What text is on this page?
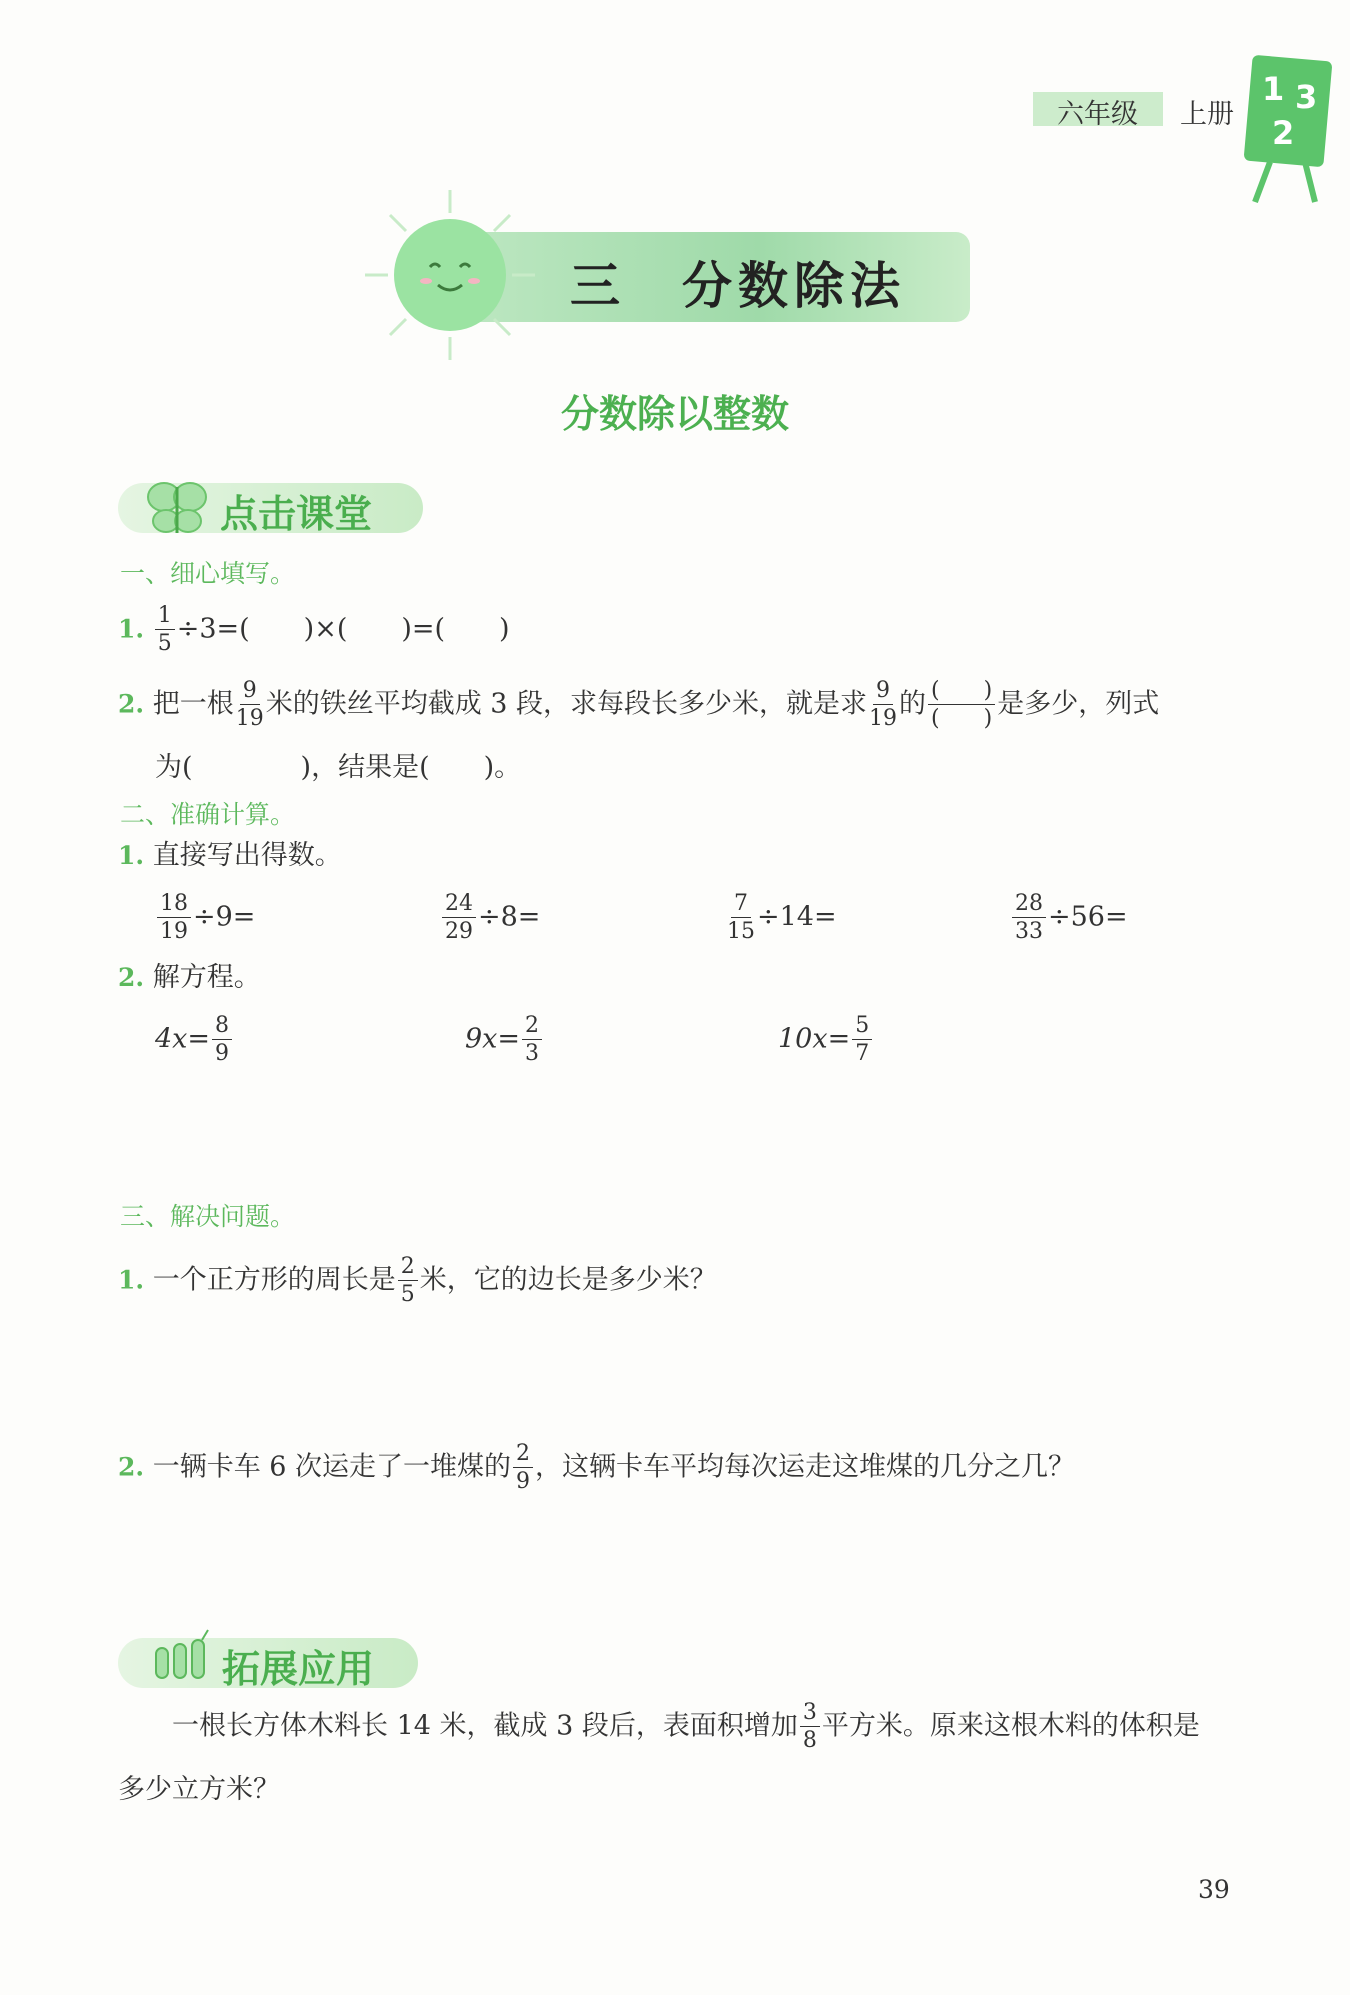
六年级 上册
1 3
2
三　分数除法
分数除以整数
点击课堂
一、细心填写。
1. $\frac{1}{5} \div 3=$(　　)×(　　)=(　　)
2. 把一根 $\frac{9}{19}$ 米的铁丝平均截成 3 段，求每段长多少米，就是求 $\frac{9}{19}$ 的 $\frac{( )}{( )}$ 是多少，列式
为(　　　　)，结果是(　　)。
二、准确计算。
1. 直接写出得数。
$\frac{18}{19} \div 9=$	$\frac{24}{29} \div 8=$	$\frac{7}{15} \div 14=$	$\frac{28}{33} \div 56=$
2. 解方程。
$4x= \frac{8}{9}$	$9x= \frac{2}{3}$	$10x= \frac{5}{7}$
三、解决问题。
1. 一个正方形的周长是 $\frac{2}{5}$ 米，它的边长是多少米？
2. 一辆卡车 6 次运走了一堆煤的 $\frac{2}{9}$ ，这辆卡车平均每次运走这堆煤的几分之几？
拓展应用
一根长方体木料长 14 米，截成 3 段后，表面积增加 $\frac{3}{8}$ 平方米。原来这根木料的体积是
多少立方米？
39
